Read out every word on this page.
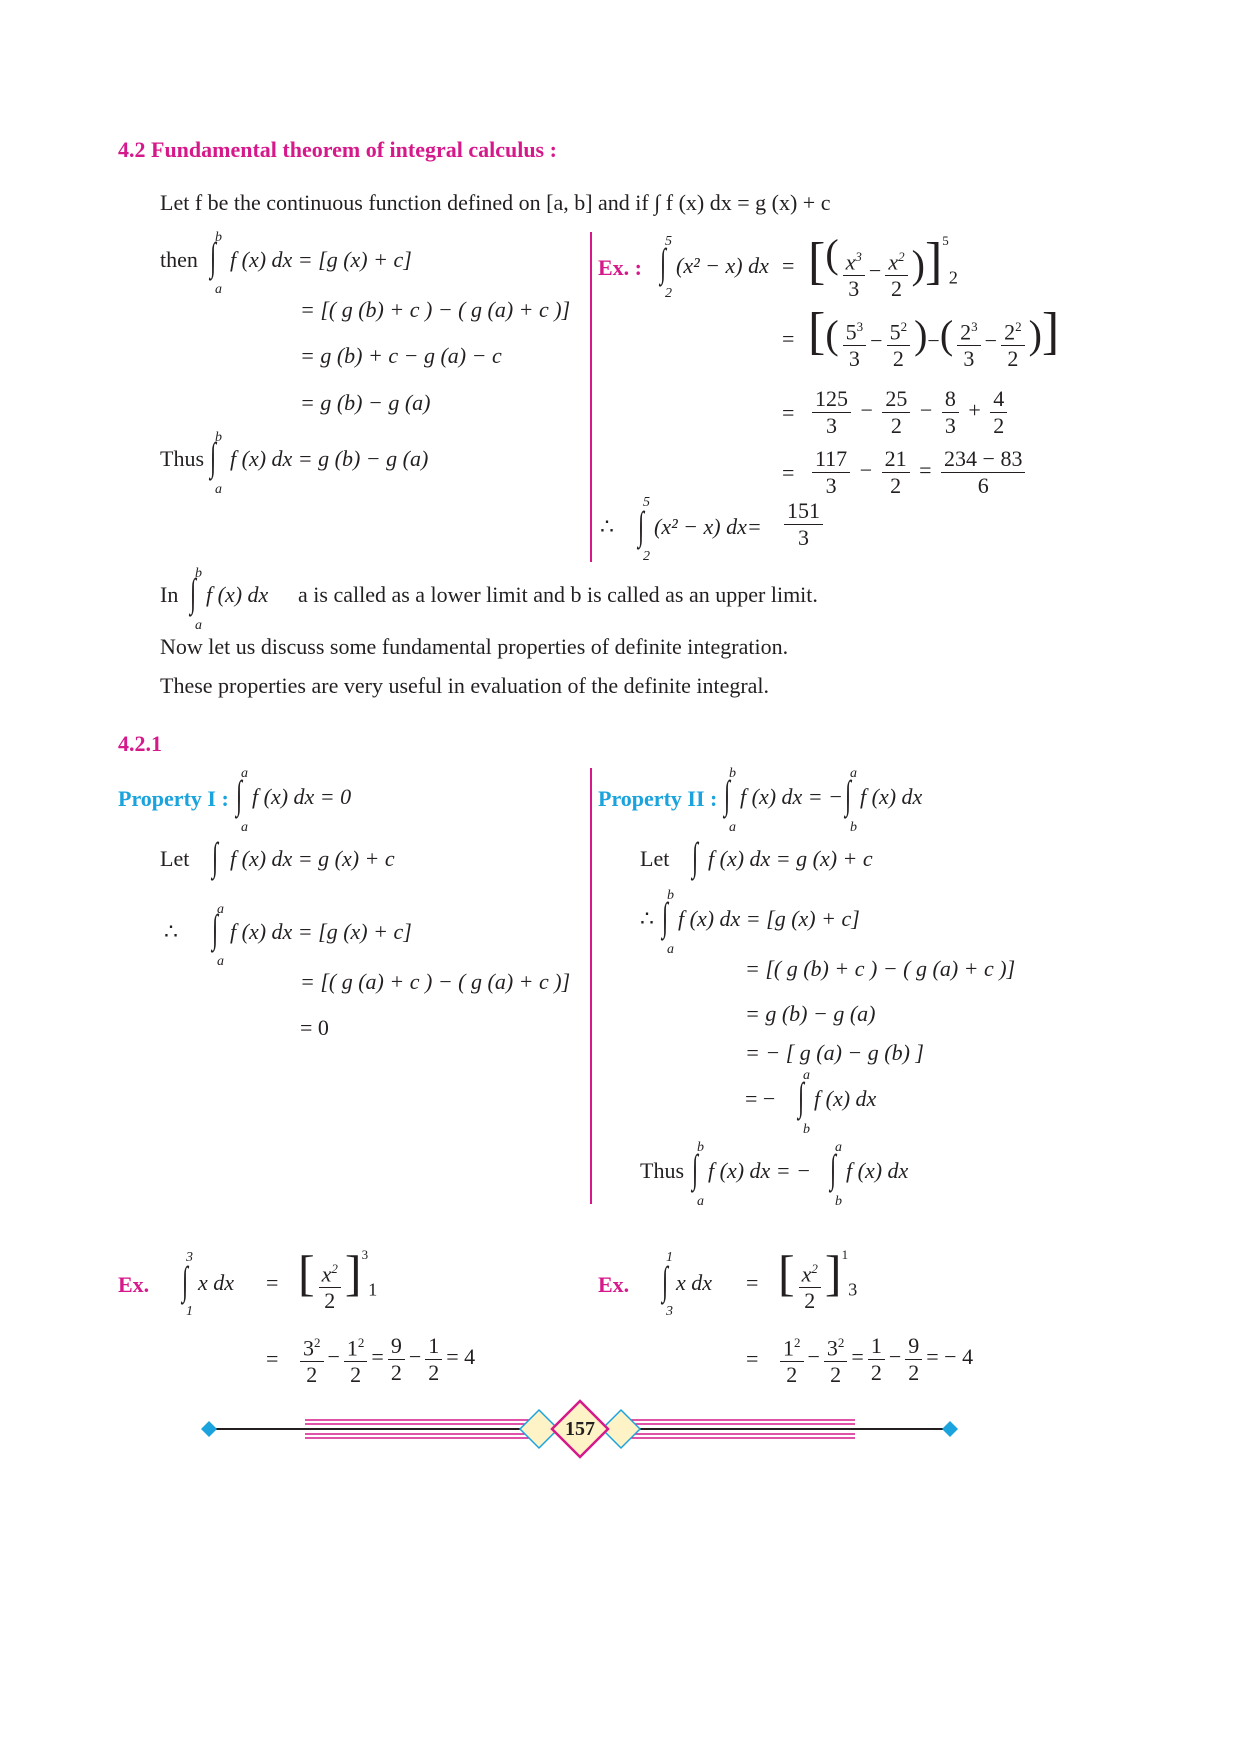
4.2 Fundamental theorem of integral calculus :
Let f be the continuous function defined on [a, b] and if ∫ f (x) dx = g (x) + c
then ∫
b
a
f (x) dx = [g (x) + c]
= [( g (b) + c ) − ( g (a) + c )]
= g (b) + c − g (a) − c
= g (b) − g (a)
Thus ∫
b
a
f (x) dx = g (b) − g (a)
Ex. : ∫
5
2
(x² − x) dx = [( $\frac{x^3}{3} - \frac{x^2}{2} )]^5_2$
= [( $\frac{5^3}{3} - \frac{5^2}{2}$ )−( $\frac{2^3}{3} - \frac{2^2}{2}$ )]
= $\frac{125}{3} - \frac{25}{2} - \frac{8}{3} + \frac{4}{2}$
= $\frac{117}{3} - \frac{21}{2} = \frac{234 - 83}{6}$
∴ ∫
5
2
(x² − x) $dx= \frac{151}{3}$
In ∫
b
a
f (x) dx a is called as a lower limit and b is called as an upper limit.
Now let us discuss some fundamental properties of definite integration.
These properties are very useful in evaluation of the definite integral.
4.2.1
Property I : ∫
a
a
f (x) dx = 0
Let ∫ f (x) dx = g (x) + c
∴ ∫
a
a
f (x) dx = [g (x) + c]
= [( g (a) + c ) − ( g (a) + c )]
= 0
Property II : ∫
b
a
f (x) dx = − ∫
a
b
f (x) dx
Let ∫ f (x) dx = g (x) + c
∴ ∫
b
a
f (x) dx = [g (x) + c]
= [( g (b) + c ) − ( g (a) + c )]
= g (b) − g (a)
= − [ g (a) − g (b) ]
= − ∫
a
b
f (x) dx
Thus ∫
b
a
f (x) dx = − ∫
a
b
f (x) dx
Ex. ∫
3
1
x dx = [ $\frac{x^2}{2} ]^3_1$
= $\frac{3^2}{2} - \frac{1^2}{2} = \frac{9}{2} - \frac{1}{2} = 4$
Ex. ∫
1
3
x dx = [ $\frac{x^2}{2} ]^1_3$
= $\frac{1^2}{2} - \frac{3^2}{2} = \frac{1}{2} - \frac{9}{2}$ = − 4
157
